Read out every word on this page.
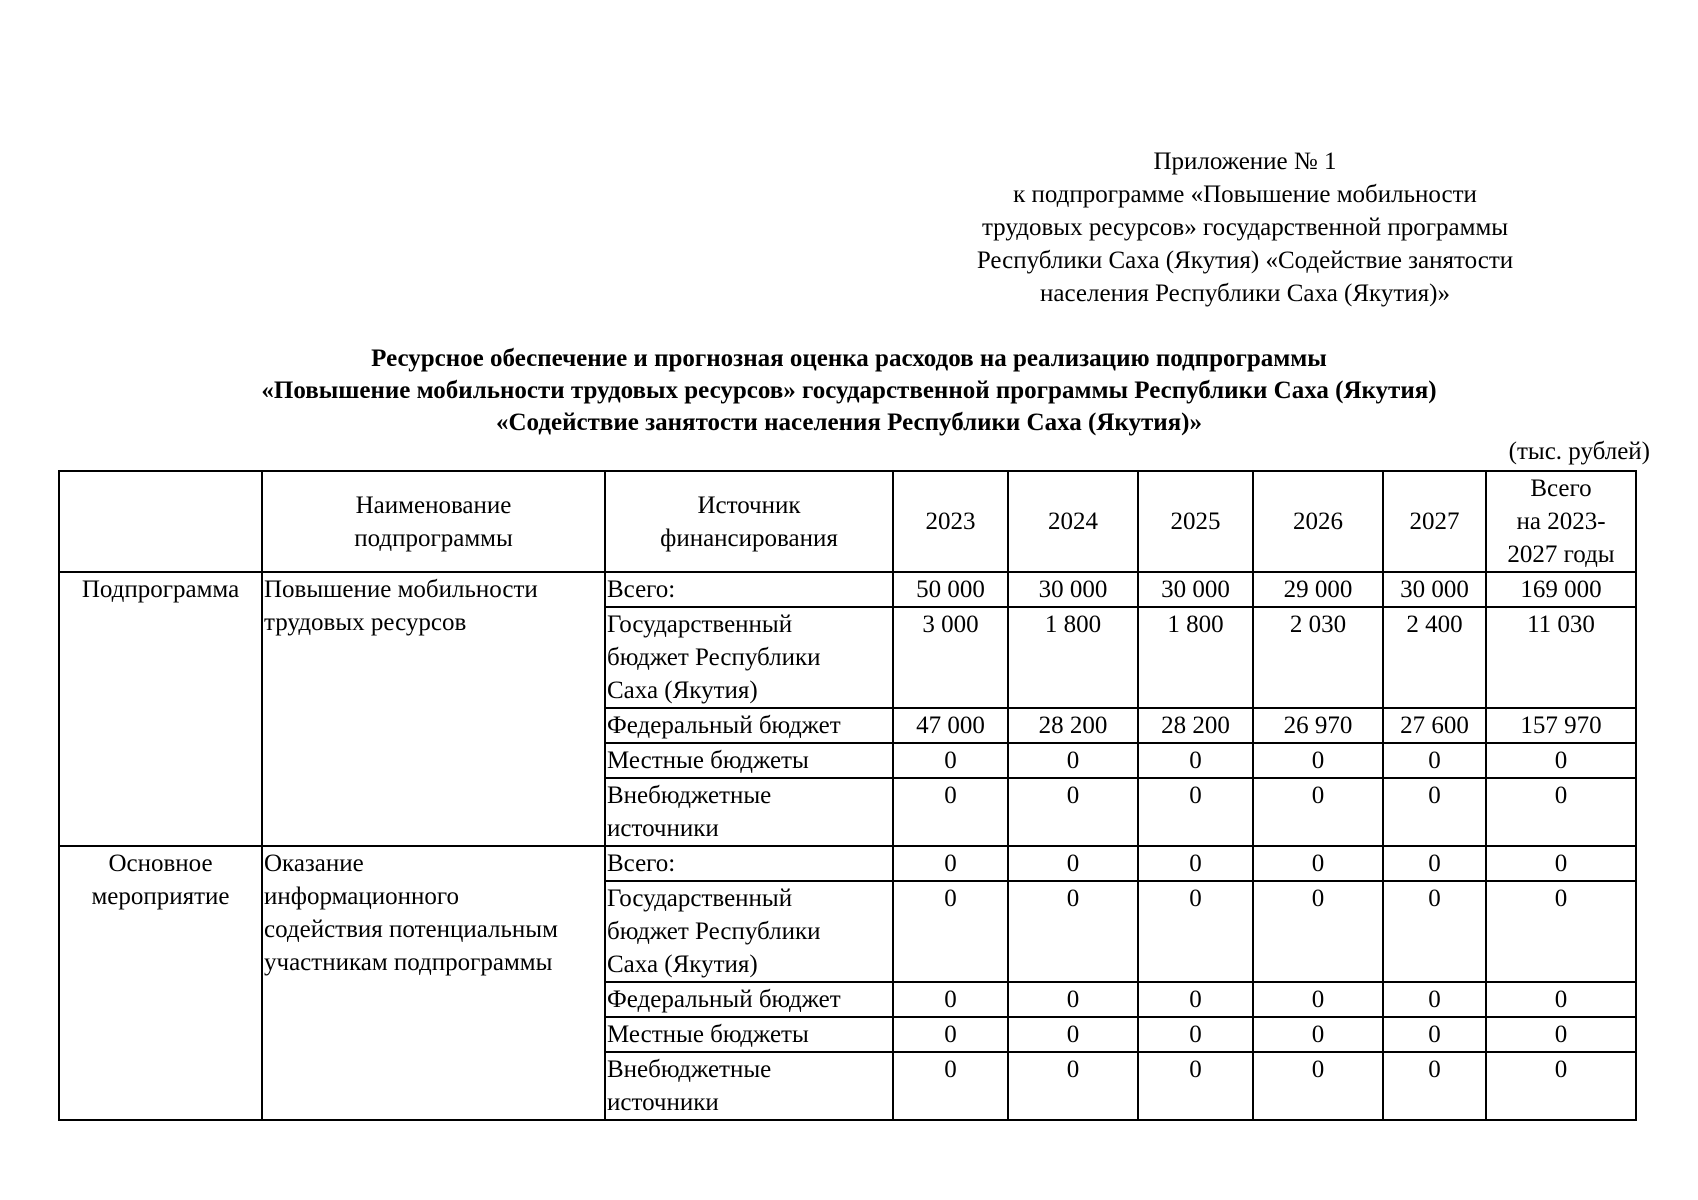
Приложение № 1
к подпрограмме «Повышение мобильности
трудовых ресурсов» государственной программы
Республики Саха (Якутия) «Содействие занятости
населения Республики Саха (Якутия)»
Ресурсное обеспечение и прогнозная оценка расходов на реализацию подпрограммы
«Повышение мобильности трудовых ресурсов» государственной программы Республики Саха (Якутия)
«Содействие занятости населения Республики Саха (Якутия)»
(тыс. рублей)
	Наименование
подпрограммы	Источник
финансирования	2023	2024	2025	2026	2027	Всего
на 2023-
2027 годы
Подпрограмма	Повышение мобильности
трудовых ресурсов	Всего:	50 000	30 000	30 000	29 000	30 000	169 000
		Государственный
бюджет Республики
Саха (Якутия)	3 000	1 800	1 800	2 030	2 400	11 030
		Федеральный бюджет	47 000	28 200	28 200	26 970	27 600	157 970
		Местные бюджеты	0	0	0	0	0	0
		Внебюджетные
источники	0	0	0	0	0	0
Основное
мероприятие	Оказание
информационного
содействия потенциальным
участникам подпрограммы	Всего:	0	0	0	0	0	0
		Государственный
бюджет Республики
Саха (Якутия)	0	0	0	0	0	0
		Федеральный бюджет	0	0	0	0	0	0
		Местные бюджеты	0	0	0	0	0	0
		Внебюджетные
источники	0	0	0	0	0	0
